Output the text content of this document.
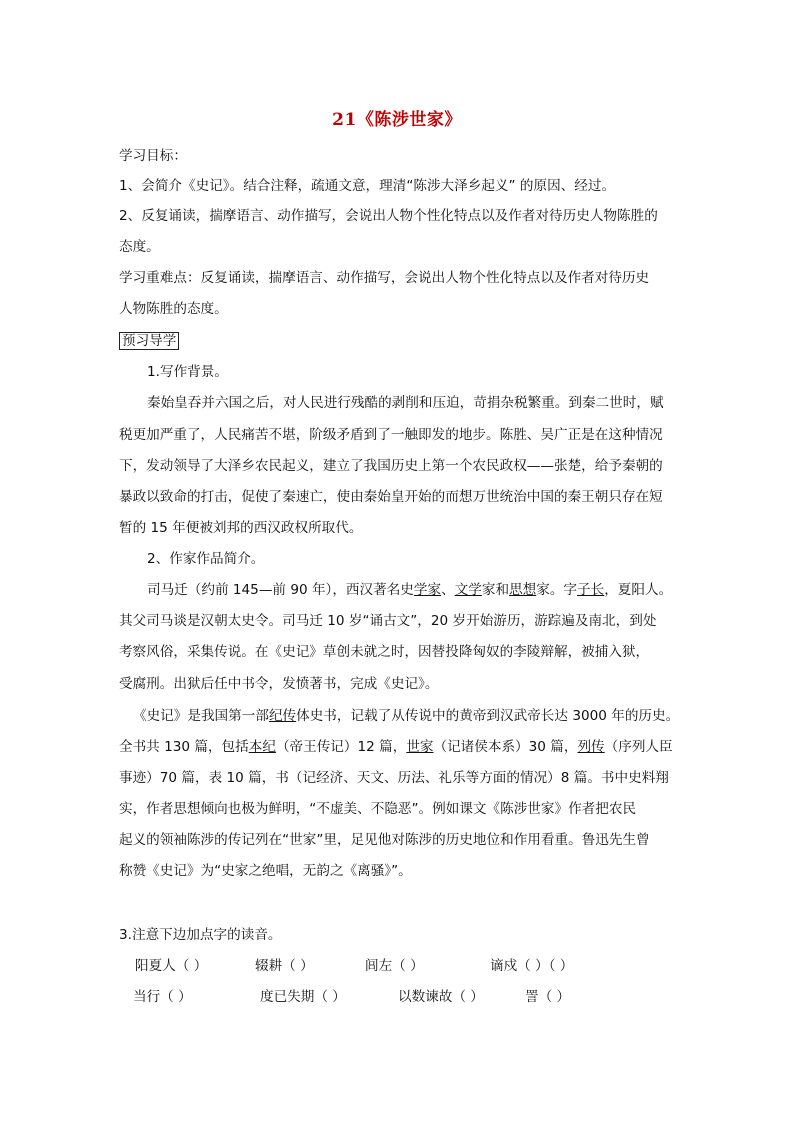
21《陈涉世家》
学习目标：
1、会简介《史记》。结合注释，疏通文意，理清“陈涉大泽乡起义” 的原因、经过。
2、反复诵读，揣摩语言、动作描写，会说出人物个性化特点以及作者对待历史人物陈胜的
态度。
学习重难点：反复诵读，揣摩语言、动作描写，会说出人物个性化特点以及作者对待历史
人物陈胜的态度。
预习导学
1.写作背景。
秦始皇吞并六国之后，对人民进行残酷的剥削和压迫，苛捐杂税繁重。到秦二世时，赋
税更加严重了，人民痛苦不堪，阶级矛盾到了一触即发的地步。陈胜、吴广正是在这种情况
下，发动领导了大泽乡农民起义，建立了我国历史上第一个农民政权——张楚，给予秦朝的
暴政以致命的打击，促使了秦速亡，使由秦始皇开始的而想万世统治中国的秦王朝只存在短
暂的 15 年便被刘邦的西汉政权所取代。
2、作家作品简介。
司马迁（约前 145—前 90 年），西汉著名史学家、文学家和思想家。字子长，夏阳人。
其父司马谈是汉朝太史令。司马迁 10 岁“诵古文”，20 岁开始游历，游踪遍及南北，到处
考察风俗，采集传说。在《史记》草创未就之时，因替投降匈奴的李陵辩解，被捕入狱，
受腐刑。出狱后任中书令，发愤著书，完成《史记》。
《史记》是我国第一部纪传体史书，记载了从传说中的黄帝到汉武帝长达 3000 年的历史。
全书共 130 篇，包括本纪（帝王传记）12 篇，世家（记诸侯本系）30 篇，列传（序列人臣
事迹）70 篇，表 10 篇，书（记经济、天文、历法、礼乐等方面的情况）8 篇。书中史料翔
实，作者思想倾向也极为鲜明，“不虚美、不隐恶”。例如课文《陈涉世家》作者把农民
起义的领袖陈涉的传记列在“世家”里，足见他对陈涉的历史地位和作用看重。鲁迅先生曾
称赞《史记》为“史家之绝唱，无韵之《离骚》”。
3.注意下边加点字的读音。
阳夏人（ ）	辍耕（ ）	闾左（ ）	谪戍（ ）（ ）
当行（ ）	度已失期（ ）	以数谏故（ ）	詈（ ）
